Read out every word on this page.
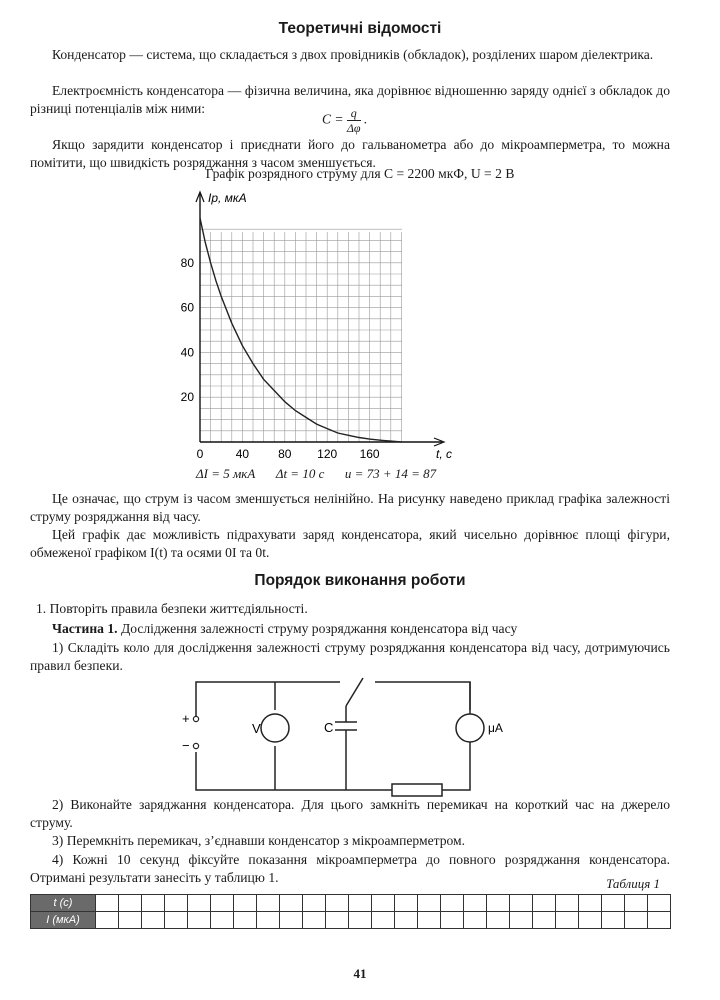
Теоретичні відомості

Конденсатор — система, що складається з двох провідників (обкладок), розділених шаром діелектрика.

Електроємність конденсатора — фізична величина, яка дорівнює відношенню заряду однієї з обкладок до різниці потенціалів між ними:

$C = \frac{q}{\Delta\varphi}$ .

Якщо зарядити конденсатор і приєднати його до гальванометра або до мікроамперметра, то можна помітити, що швидкість розряджання з часом зменшується.

Графік розрядного струму для C = 2200 мкФ, U = 2 В
0	40 80 120 160
20
40
60
80
Iр, мкА
t, с
ΔI = 5 мкА Δt = 10 с u = 73 + 14 = 87

Це означає, що струм із часом зменшується нелінійно. На рисунку наведено приклад графіка залежності струму розряджання від часу.

Цей графік дає можливість підрахувати заряд конденсатора, який чисельно дорівнює площі фігури, обмеженої графіком I(t) та осями 0I та 0t.

Порядок виконання роботи

1. Повторіть правила безпеки життєдіяльності.

Частина 1. Дослідження залежності струму розряджання конденсатора від часу

1) Складіть коло для дослідження залежності струму розряджання конденсатора від часу, дотримуючись правил безпеки.

+
−
V	C	μA

2) Виконайте заряджання конденсатора. Для цього замкніть перемикач на короткий час на джерело струму.

3) Перемкніть перемикач, з’єднавши конденсатор з мікроамперметром.

4) Кожні 10 секунд фіксуйте показання мікроамперметра до повного розряджання конденсатора. Отримані результати занесіть у таблицю 1.	Таблиця 1
t (c)																									
I (мкА)																									
41
